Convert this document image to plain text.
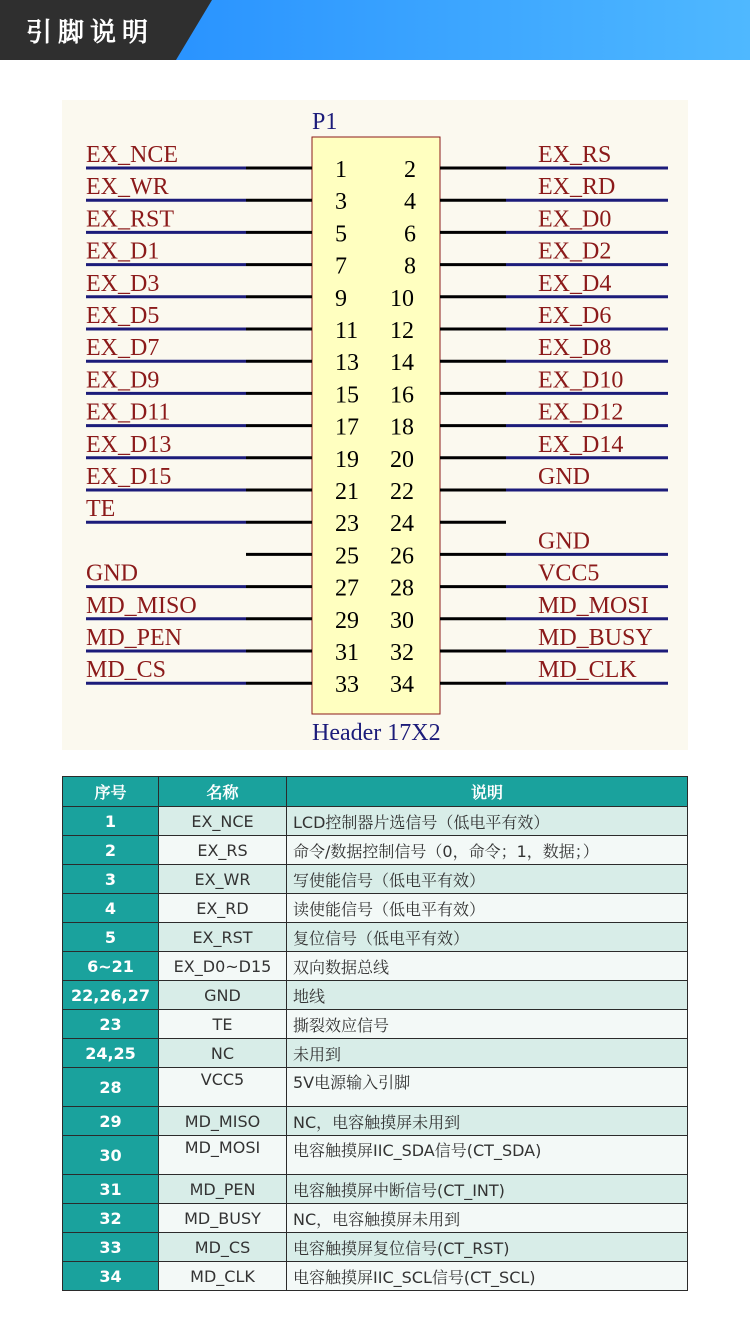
引脚说明
P1
Header 17X2
EX_NCE	EX_RS
1 2
EX_WR	EX_RD
3 4
EX_RST	EX_D0
5 6
EX_D1	EX_D2
7 8
EX_D3	EX_D4
9 10
EX_D5	EX_D6
11 12
EX_D7	EX_D8
13 14
EX_D9	EX_D10
15 16
EX_D11	EX_D12
17 18
EX_D13	EX_D14
19 20
EX_D15	GND
21 22
TE
23 24
GND
25 26
GND	VCC5
27 28
MD_MISO	MD_MOSI
29 30
MD_PEN	MD_BUSY
31 32
MD_CS	MD_CLK
33 34
序号	名称	说明
1	EX_NCE	LCD控制器片选信号（低电平有效）
2	EX_RS	命令/数据控制信号（0，命令；1，数据；）
3	EX_WR	写使能信号（低电平有效）
4	EX_RD	读使能信号（低电平有效）
5	EX_RST	复位信号（低电平有效）
6~21	EX_D0~D15	双向数据总线
22,26,27	GND	地线
23	TE	撕裂效应信号
24,25	NC	未用到
28	VCC5	5V电源输入引脚
29	MD_MISO	NC，电容触摸屏未用到
30	MD_MOSI	电容触摸屏IIC_SDA信号(CT_SDA)
31	MD_PEN	电容触摸屏中断信号(CT_INT)
32	MD_BUSY	NC，电容触摸屏未用到
33	MD_CS	电容触摸屏复位信号(CT_RST)
34	MD_CLK	电容触摸屏IIC_SCL信号(CT_SCL)
